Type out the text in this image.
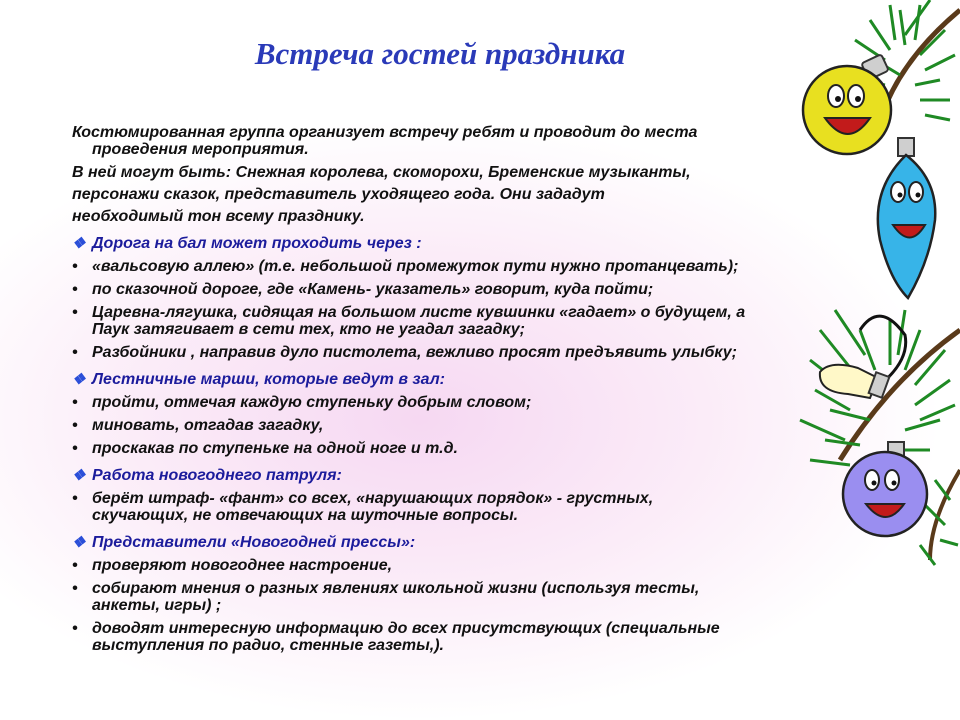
Встреча гостей праздника
Костюмированная группа организует встречу ребят и проводит до места
проведения мероприятия.
В ней могут быть: Снежная королева, скоморохи, Бременские музыканты,
персонажи сказок, представитель уходящего года. Они зададут
необходимый тон всему празднику.
❖ Дорога на бал может проходить через :
• «вальсовую аллею» (т.е. небольшой промежуток пути нужно протанцевать);
• по сказочной дороге, где «Камень- указатель» говорит, куда пойти;
• Царевна-лягушка, сидящая на большом листе кувшинки «гадает» о будущем, а
Паук затягивает в сети тех, кто не угадал загадку;
• Разбойники , направив дуло пистолета, вежливо просят предъявить улыбку;
❖ Лестничные марши, которые ведут в зал:
• пройти, отмечая каждую ступеньку добрым словом;
• миновать, отгадав загадку,
• проскакав по ступеньке на одной ноге и т.д.
❖ Работа новогоднего патруля:
• берёт штраф- «фант» со всех, «нарушающих порядок» - грустных,
скучающих, не отвечающих на шуточные вопросы.
❖ Представители «Новогодней прессы»:
• проверяют новогоднее настроение,
• собирают мнения о разных явлениях школьной жизни (используя тесты,
анкеты, игры) ;
• доводят интересную информацию до всех присутствующих (специальные
выступления по радио, стенные газеты,).
